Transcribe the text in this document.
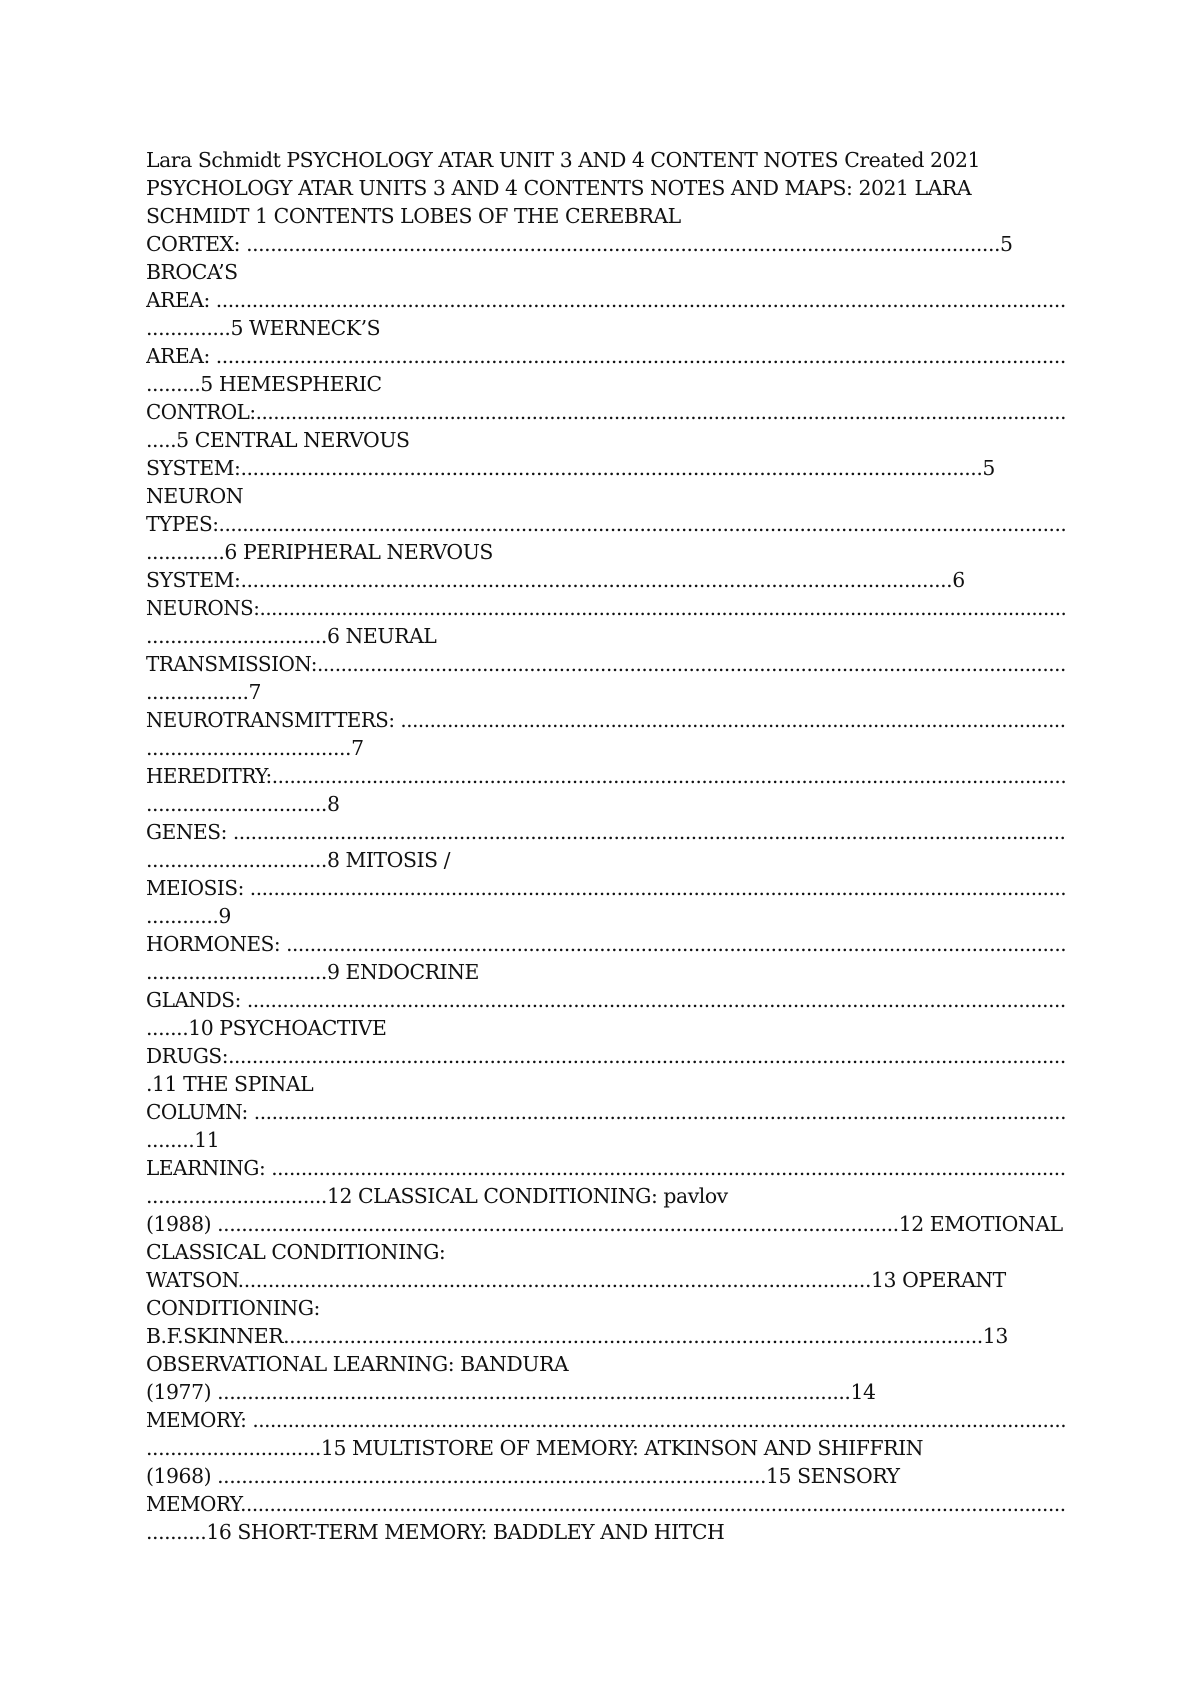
Lara Schmidt PSYCHOLOGY ATAR UNIT 3 AND 4 CONTENT NOTES Created 2021
PSYCHOLOGY ATAR UNITS 3 AND 4 CONTENTS NOTES AND MAPS: 2021 LARA
SCHMIDT 1 CONTENTS LOBES OF THE CEREBRAL
CORTEX: .............................................................................................................................5
BROCA’S
AREA: ..............................................................................................................................................
..............5 WERNECK’S
AREA: ..............................................................................................................................................
.........5 HEMESPHERIC
CONTROL:..........................................................................................................................................
.....5 CENTRAL NERVOUS
SYSTEM:...........................................................................................................................5
NEURON
TYPES:...............................................................................................................................................
.............6 PERIPHERAL NERVOUS
SYSTEM:......................................................................................................................6
NEURONS:..........................................................................................................................................
..............................6 NEURAL
TRANSMISSION:...............................................................................................................................
.................7
NEUROTRANSMITTERS: ..................................................................................................................
..................................7
HEREDITRY:.......................................................................................................................................
..............................8
GENES: ............................................................................................................................................
..............................8 MITOSIS /
MEIOSIS: ..........................................................................................................................................
............9
HORMONES: ....................................................................................................................................
..............................9 ENDOCRINE
GLANDS: ..........................................................................................................................................
.......10 PSYCHOACTIVE
DRUGS:.............................................................................................................................................
.11 THE SPINAL
COLUMN: .........................................................................................................................................
........11
LEARNING: ......................................................................................................................................
..............................12 CLASSICAL CONDITIONING: pavlov
(1988) .................................................................................................................12 EMOTIONAL
CLASSICAL CONDITIONING:
WATSON.........................................................................................................13 OPERANT
CONDITIONING:
B.F.SKINNER....................................................................................................................13
OBSERVATIONAL LEARNING: BANDURA
(1977) .........................................................................................................14
MEMORY: ..........................................................................................................................................
.............................15 MULTISTORE OF MEMORY: ATKINSON AND SHIFFRIN
(1968) ...........................................................................................15 SENSORY
MEMORY............................................................................................................................................
..........16 SHORT-TERM MEMORY: BADDLEY AND HITCH
